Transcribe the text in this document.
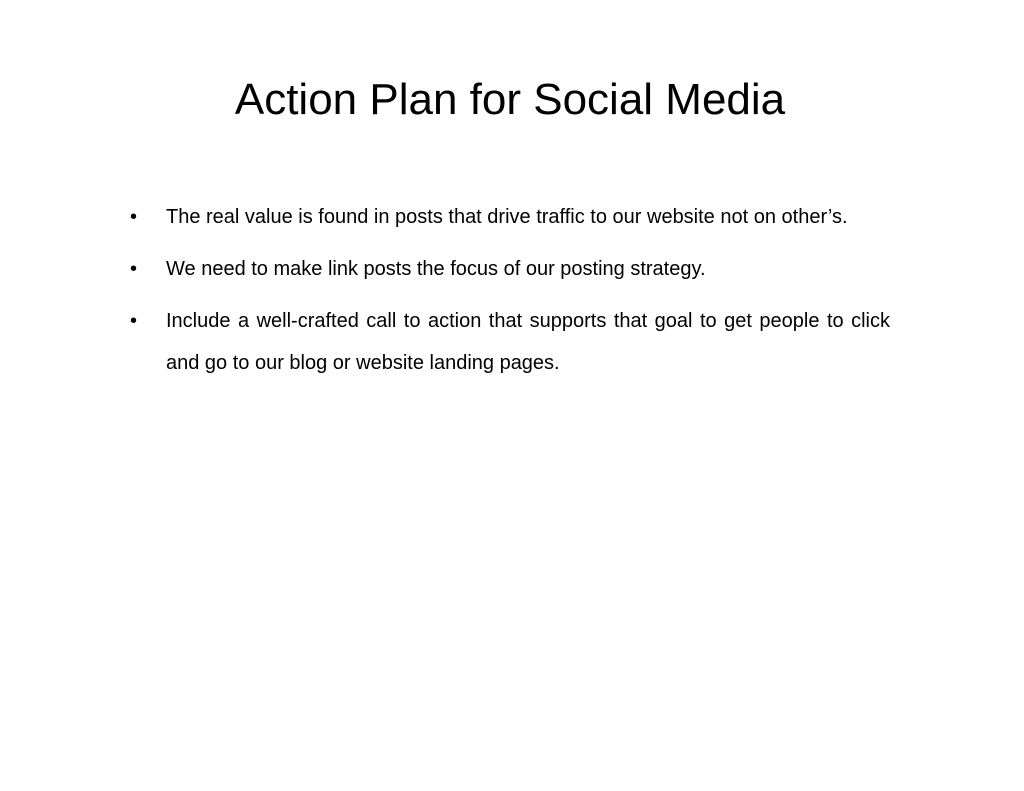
Action Plan for Social Media
• The real value is found in posts that drive traffic to our website not on other’s.
• We need to make link posts the focus of our posting strategy.
• Include a well-crafted call to action that supports that goal to get people to click and go to our blog or website landing pages.
